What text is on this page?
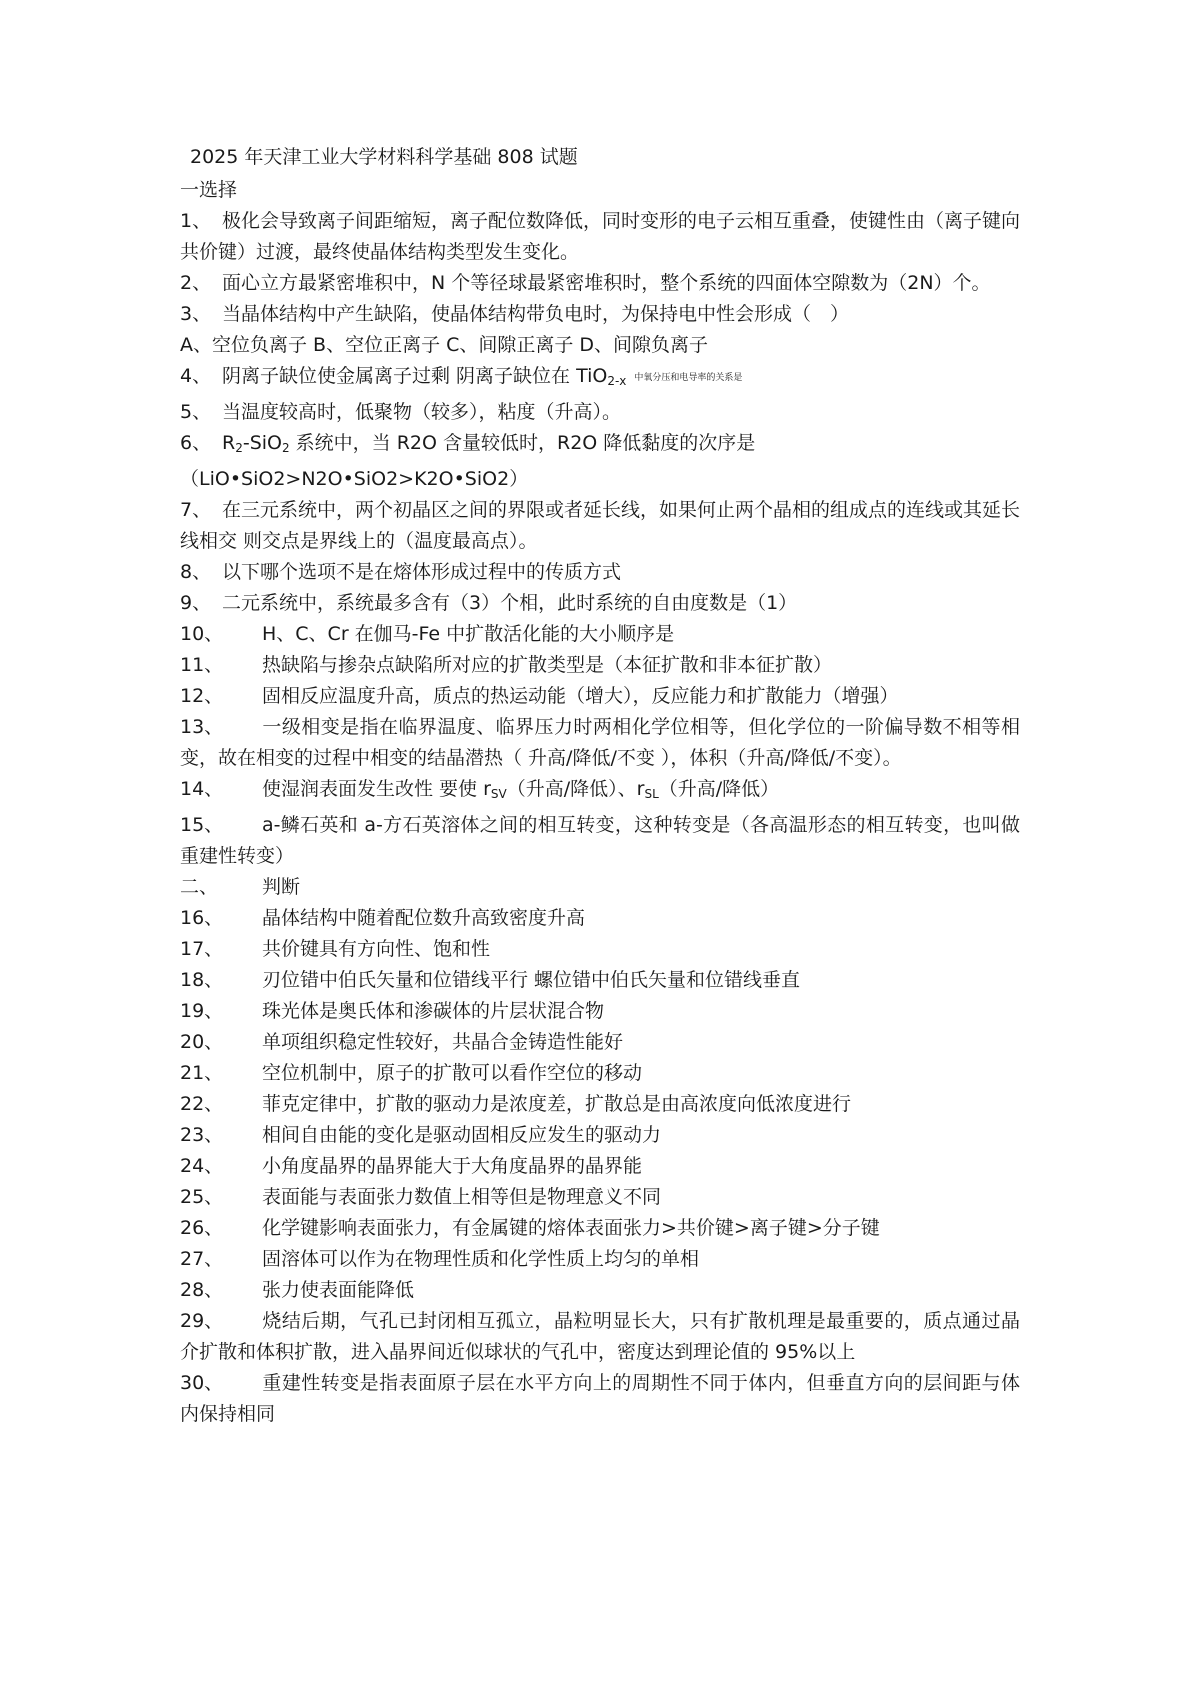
2025 年天津工业大学材料科学基础 808 试题
一选择
1、 极化会导致离子间距缩短，离子配位数降低，同时变形的电子云相互重叠，使键性由（离子键向共价键）过渡，最终使晶体结构类型发生变化。
2、 面心立方最紧密堆积中，N 个等径球最紧密堆积时，整个系统的四面体空隙数为（2N）个。
3、 当晶体结构中产生缺陷，使晶体结构带负电时，为保持电中性会形成（　）
A、空位负离子 B、空位正离子 C、间隙正离子 D、间隙负离子
4、 阴离子缺位使金属离子过剩 阴离子缺位在 TiO$_{2-x}$ 中氧分压和电导率的关系是
5、 当温度较高时，低聚物（较多），粘度（升高）。
6、 $R_2-SiO_2$ 系统中，当 R2O 含量较低时，R2O 降低黏度的次序是
（LiO•SiO2>N2O•SiO2>K2O•SiO2）
7、 在三元系统中，两个初晶区之间的界限或者延长线，如果何止两个晶相的组成点的连线或其延长线相交 则交点是界线上的（温度最高点）。
8、 以下哪个选项不是在熔体形成过程中的传质方式
9、 二元系统中，系统最多含有（3）个相，此时系统的自由度数是（1）
10、 H、C、Cr 在伽马-Fe 中扩散活化能的大小顺序是
11、 热缺陷与掺杂点缺陷所对应的扩散类型是（本征扩散和非本征扩散）
12、 固相反应温度升高，质点的热运动能（增大），反应能力和扩散能力（增强）
13、 一级相变是指在临界温度、临界压力时两相化学位相等，但化学位的一阶偏导数不相等相变，故在相变的过程中相变的结晶潜热（ 升高/降低/不变 ），体积（升高/降低/不变）。
14、 使湿润表面发生改性 要使 $r_{SV}$（升高/降低）、$r_{SL}$（升高/降低）
15、 a-鳞石英和 a-方石英溶体之间的相互转变，这种转变是（各高温形态的相互转变，也叫做重建性转变）
二、 判断
16、 晶体结构中随着配位数升高致密度升高
17、 共价键具有方向性、饱和性
18、 刃位错中伯氏矢量和位错线平行 螺位错中伯氏矢量和位错线垂直
19、 珠光体是奥氏体和渗碳体的片层状混合物
20、 单项组织稳定性较好，共晶合金铸造性能好
21、 空位机制中，原子的扩散可以看作空位的移动
22、 菲克定律中，扩散的驱动力是浓度差，扩散总是由高浓度向低浓度进行
23、 相间自由能的变化是驱动固相反应发生的驱动力
24、 小角度晶界的晶界能大于大角度晶界的晶界能
25、 表面能与表面张力数值上相等但是物理意义不同
26、 化学键影响表面张力，有金属键的熔体表面张力>共价键>离子键>分子键
27、 固溶体可以作为在物理性质和化学性质上均匀的单相
28、 张力使表面能降低
29、 烧结后期，气孔已封闭相互孤立，晶粒明显长大，只有扩散机理是最重要的，质点通过晶介扩散和体积扩散，进入晶界间近似球状的气孔中，密度达到理论值的 95%以上
30、 重建性转变是指表面原子层在水平方向上的周期性不同于体内，但垂直方向的层间距与体内保持相同
